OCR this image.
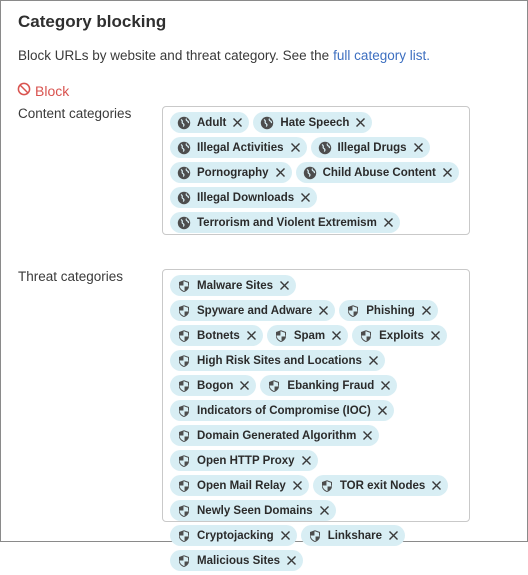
Category blocking
Block URLs by website and threat category. See the full category list.
Block
Content categories
Adult	Hate Speech
Illegal Activities	Illegal Drugs
Pornography	Child Abuse Content
Illegal Downloads
Terrorism and Violent Extremism
Threat categories
Malware Sites
Spyware and Adware	Phishing
Botnets	Spam	Exploits
High Risk Sites and Locations
Bogon	Ebanking Fraud
Indicators of Compromise (IOC)
Domain Generated Algorithm
Open HTTP Proxy
Open Mail Relay	TOR exit Nodes
Newly Seen Domains
Cryptojacking	Linkshare
Malicious Sites
